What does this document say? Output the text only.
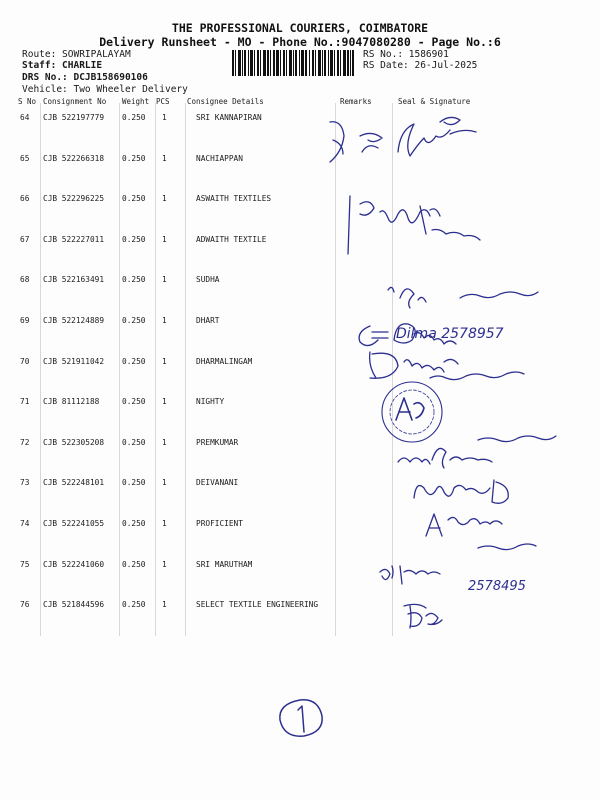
THE PROFESSIONAL COURIERS, COIMBATORE
Delivery Runsheet - MO - Phone No.:9047080280 - Page No.:6
Route: SOWRIPALAYAM
Staff: CHARLIE
DRS No.: DCJB158690106
Vehicle: Two Wheeler Delivery
RS No.: 1586901
RS Date: 26-Jul-2025
S No Consignment No Weight PCS Consignee Details	Remarks	Seal & Signature
64 CJB 522197779 0.250 1	SRI KANNAPIRAN
65 CJB 522266318 0.250 1	NACHIAPPAN
66 CJB 522296225 0.250 1	ASWAITH TEXTILES
67 CJB 522227011 0.250 1	ADWAITH TEXTILE
68 CJB 522163491 0.250 1	SUDHA
69 CJB 522124889 0.250 1	DHART
70 CJB 521911042 0.250 1	DHARMALINGAM
71 CJB 81112188	0.250 1	NIGHTY
72 CJB 522305208 0.250 1	PREMKUMAR
73 CJB 522248101 0.250 1	DEIVANANI
74 CJB 522241055 0.250 1	PROFICIENT
75 CJB 522241060 0.250 1	SRI MARUTHAM
76 CJB 521844596 0.250 1	SELECT TEXTILE ENGINEERING
Dilma 2578957
2578495
